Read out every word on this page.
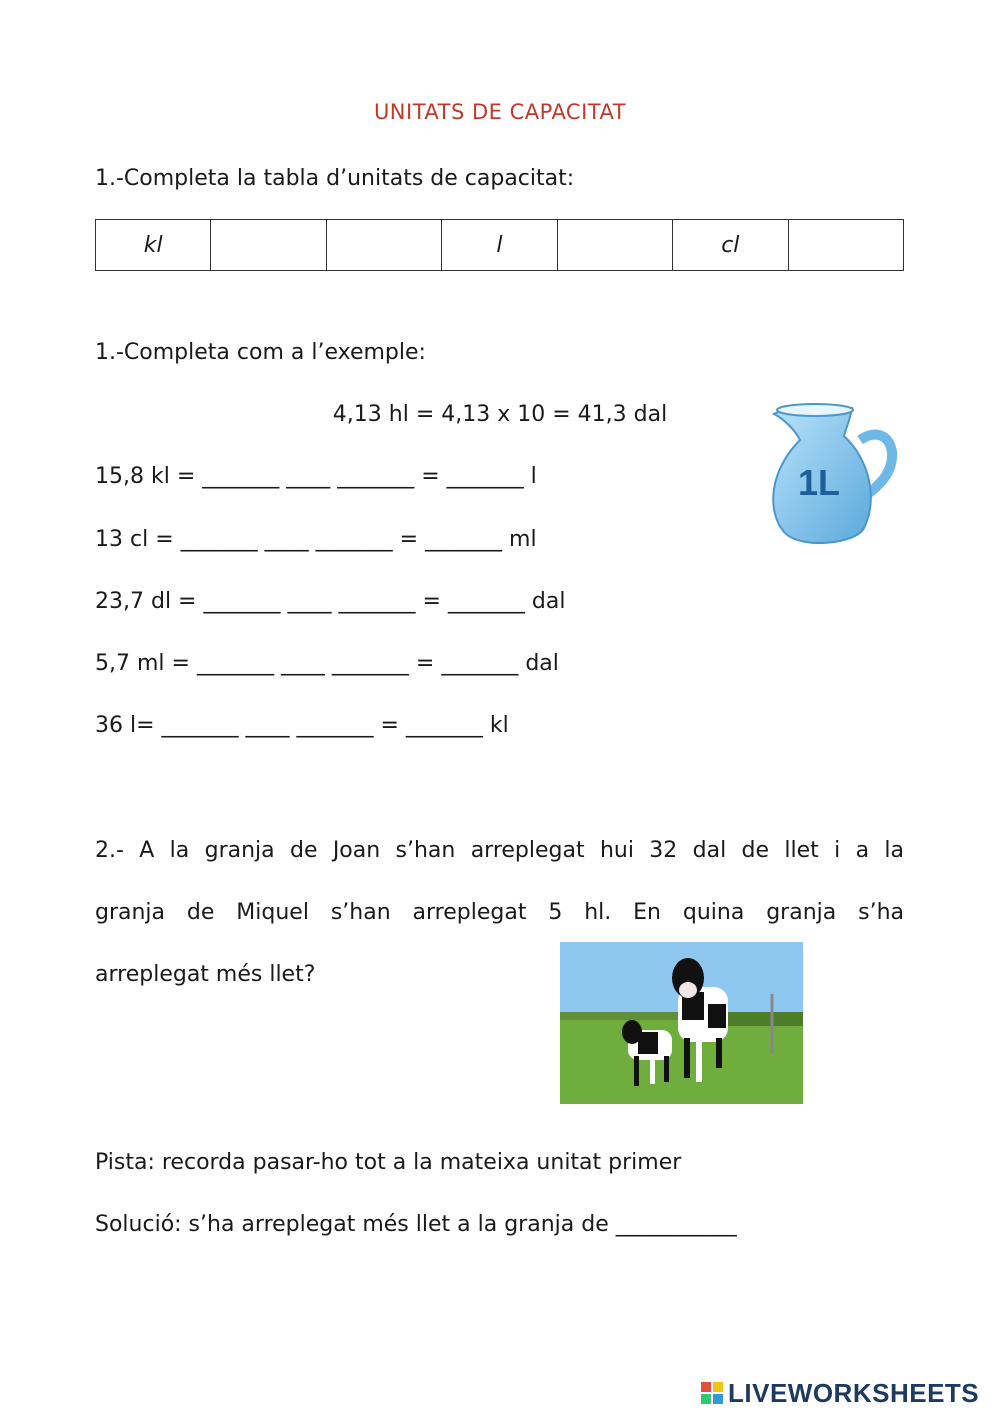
UNITATS DE CAPACITAT
1.-Completa la tabla d’unitats de capacitat:
kl			l		cl	
1.-Completa com a l’exemple:
4,13 hl = 4,13 x 10 = 41,3 dal
15,8 kl = _______ ____ _______ = _______ l
13 cl = _______ ____ _______ = _______ ml
23,7 dl = _______ ____ _______ = _______ dal
5,7 ml = _______ ____ _______ = _______ dal
36 l= _______ ____ _______ = _______ kl
1L
2.- A la granja de Joan s’han arreplegat hui 32 dal de llet i a la
granja de Miquel s’han arreplegat 5 hl. En quina granja s’ha
arreplegat més llet?
Pista: recorda pasar-ho tot a la mateixa unitat primer
Solució: s’ha arreplegat més llet a la granja de ___________
LIVEWORKSHEETS
